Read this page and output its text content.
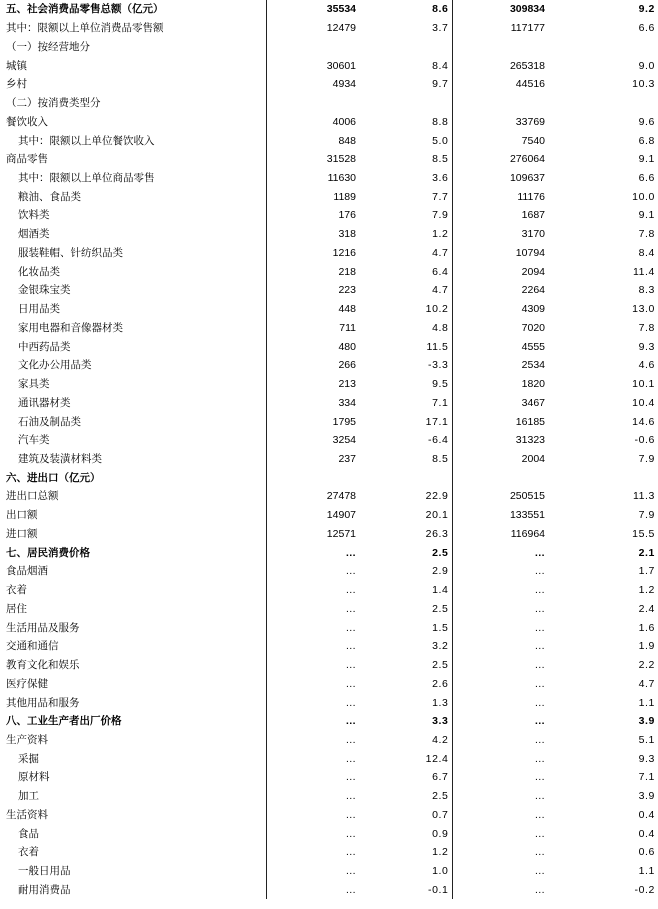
五、社会消费品零售总额（亿元）	35534	8.6	309834	9.2
其中：限额以上单位消费品零售额	12479	3.7	117177	6.6
（一）按经营地分				
城镇	30601	8.4	265318	9.0
乡村	4934	9.7	44516	10.3
（二）按消费类型分				
餐饮收入	4006	8.8	33769	9.6
其中：限额以上单位餐饮收入	848	5.0	7540	6.8
商品零售	31528	8.5	276064	9.1
其中：限额以上单位商品零售	11630	3.6	109637	6.6
粮油、食品类	1189	7.7	11176	10.0
饮料类	176	7.9	1687	9.1
烟酒类	318	1.2	3170	7.8
服装鞋帽、针纺织品类	1216	4.7	10794	8.4
化妆品类	218	6.4	2094	11.4
金银珠宝类	223	4.7	2264	8.3
日用品类	448	10.2	4309	13.0
家用电器和音像器材类	711	4.8	7020	7.8
中西药品类	480	11.5	4555	9.3
文化办公用品类	266	-3.3	2534	4.6
家具类	213	9.5	1820	10.1
通讯器材类	334	7.1	3467	10.4
石油及制品类	1795	17.1	16185	14.6
汽车类	3254	-6.4	31323	-0.6
建筑及装潢材料类	237	8.5	2004	7.9
六、进出口（亿元）				
进出口总额	27478	22.9	250515	11.3
出口额	14907	20.1	133551	7.9
进口额	12571	26.3	116964	15.5
七、居民消费价格	…	2.5	…	2.1
食品烟酒	…	2.9	…	1.7
衣着	…	1.4	…	1.2
居住	…	2.5	…	2.4
生活用品及服务	…	1.5	…	1.6
交通和通信	…	3.2	…	1.9
教育文化和娱乐	…	2.5	…	2.2
医疗保健	…	2.6	…	4.7
其他用品和服务	…	1.3	…	1.1
八、工业生产者出厂价格	…	3.3	…	3.9
生产资料	…	4.2	…	5.1
采掘	…	12.4	…	9.3
原材料	…	6.7	…	7.1
加工	…	2.5	…	3.9
生活资料	…	0.7	…	0.4
食品	…	0.9	…	0.4
衣着	…	1.2	…	0.6
一般日用品	…	1.0	…	1.1
耐用消费品	…	-0.1	…	-0.2
